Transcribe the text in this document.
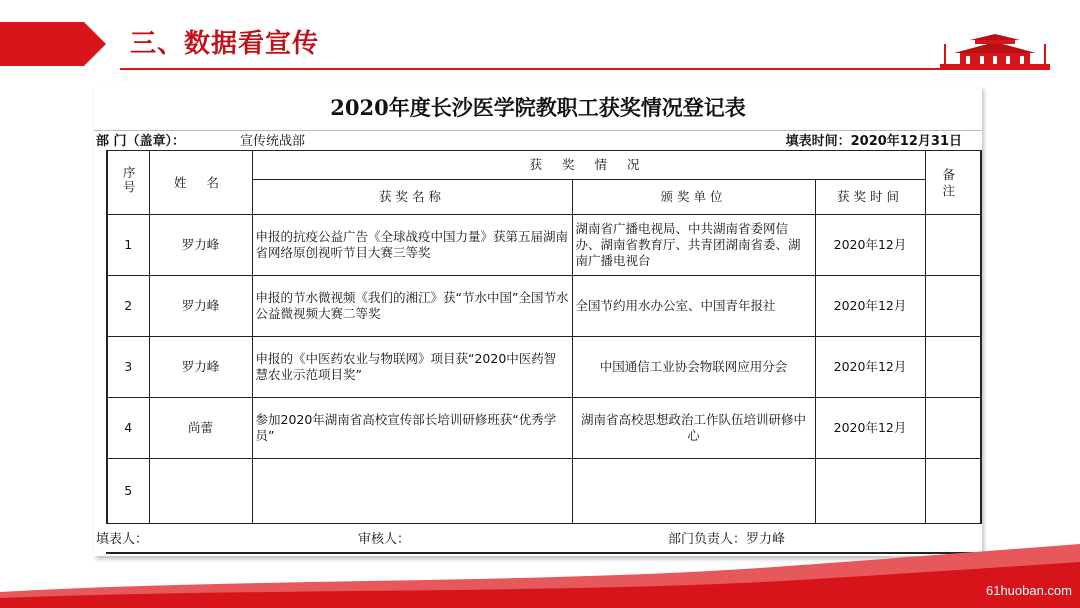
三、数据看宣传
2020年度长沙医学院教职工获奖情况登记表
部 门（盖章）：	宣传统战部	填表时间：2020年12月31日
序号	姓 名	获 奖 情 况			备 注
		获奖名称	颁奖单位	获奖时间	
1	罗力峰	申报的抗疫公益广告《全球战疫中国力量》获第五届湖南省网络原创视听节目大赛三等奖	湖南省广播电视局、中共湖南省委网信办、湖南省教育厅、共青团湖南省委、湖南广播电视台	2020年12月	
2	罗力峰	申报的节水微视频《我们的湘江》获“节水中国”全国节水公益微视频大赛二等奖	全国节约用水办公室、中国青年报社	2020年12月	
3	罗力峰	申报的《中医药农业与物联网》项目获“2020中医药智慧农业示范项目奖”	中国通信工业协会物联网应用分会	2020年12月	
4	尚蕾	参加2020年湖南省高校宣传部长培训研修班获“优秀学员”	湖南省高校思想政治工作队伍培训研修中心	2020年12月	
5					
填表人：	审核人：	部门负责人：罗力峰
61huoban.com
